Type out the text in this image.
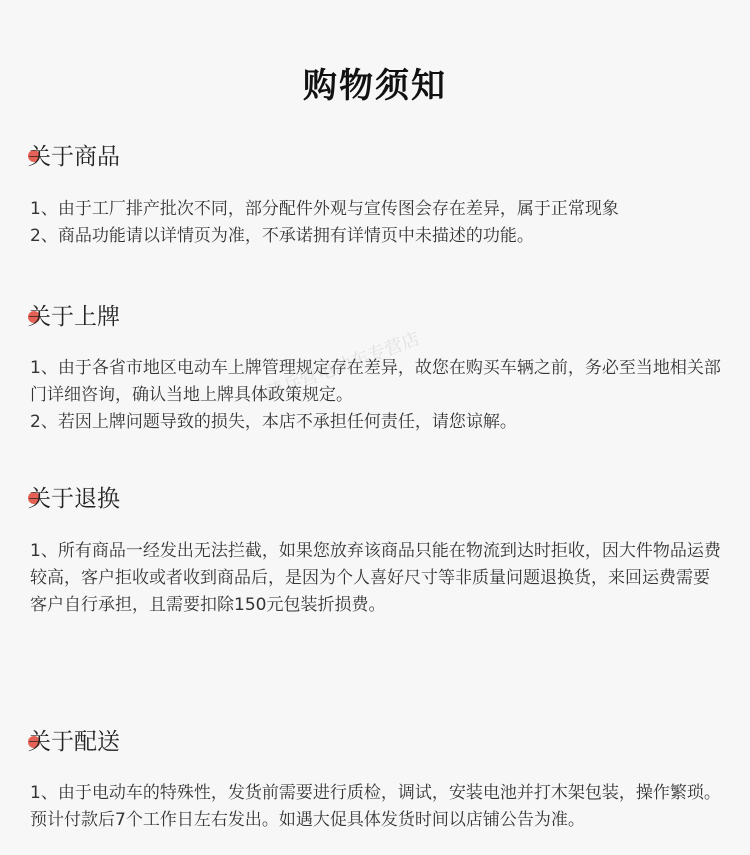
购物须知
关于商品

1、由于工厂排产批次不同，部分配件外观与宣传图会存在差异，属于正常现象

2、商品功能请以详情页为准，不承诺拥有详情页中未描述的功能。

关于上牌

1、由于各省市地区电动车上牌管理规定存在差异，故您在购买车辆之前，务必至当地相关部门详细咨询，确认当地上牌具体政策规定。

2、若因上牌问题导致的损失，本店不承担任何责任，请您谅解。

关于退换

1、所有商品一经发出无法拦截，如果您放弃该商品只能在物流到达时拒收，因大件物品运费较高，客户拒收或者收到商品后，是因为个人喜好尺寸等非质量问题退换货，来回运费需要客户自行承担，且需要扣除150元包装折损费。

关于配送

1、由于电动车的特殊性，发货前需要进行质检，调试，安装电池并打木架包装，操作繁琐。预计付款后7个工作日左右发出。如遇大促具体发货时间以店铺公告为准。

骑兵营电动车专营店
